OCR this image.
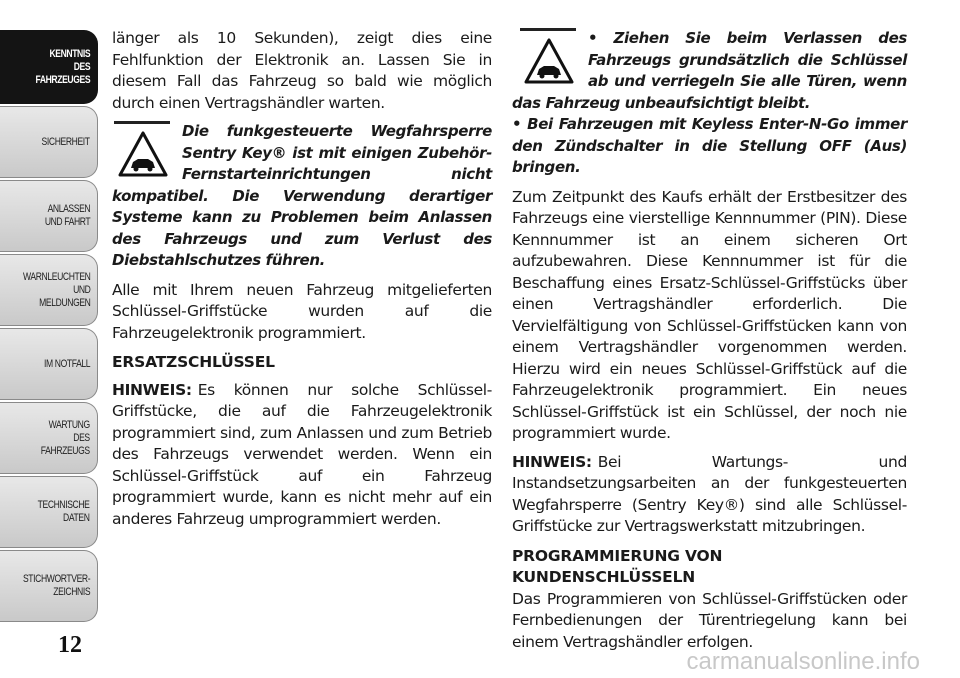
KENNTNIS
DES
FAHRZEUGES
SICHERHEIT
ANLASSEN
UND FAHRT
WARNLEUCHTEN
UND
MELDUNGEN
IM NOTFALL
WARTUNG
DES
FAHRZEUGS
TECHNISCHE
DATEN
STICHWORTVER-
ZEICHNIS
12

länger als 10 Sekunden), zeigt dies eine Fehlfunktion der Elektronik an. Lassen Sie in diesem Fall das Fahrzeug so bald wie möglich durch einen Vertragshändler warten.

Die funkgesteuerte Wegfahrsperre Sentry Key® ist mit einigen Zubehör-Fernstarteinrichtungen nicht kompatibel. Die Verwendung derartiger Systeme kann zu Problemen beim Anlassen des Fahrzeugs und zum Verlust des Diebstahlschutzes führen.

Alle mit Ihrem neuen Fahrzeug mitgelieferten Schlüssel-Griffstücke wurden auf die Fahrzeugelektronik programmiert.

ERSATZSCHLÜSSEL

HINWEIS: Es können nur solche Schlüssel-Griffstücke, die auf die Fahrzeugelektronik programmiert sind, zum Anlassen und zum Betrieb des Fahrzeugs verwendet werden. Wenn ein Schlüssel-Griffstück auf ein Fahrzeug programmiert wurde, kann es nicht mehr auf ein anderes Fahrzeug umprogrammiert werden.

• Ziehen Sie beim Verlassen des Fahrzeugs grundsätzlich die Schlüssel ab und verriegeln Sie alle Türen, wenn das Fahrzeug unbeaufsichtigt bleibt.
• Bei Fahrzeugen mit Keyless Enter-N-Go immer den Zündschalter in die Stellung OFF (Aus) bringen.

Zum Zeitpunkt des Kaufs erhält der Erstbesitzer des Fahrzeugs eine vierstellige Kennnummer (PIN). Diese Kennnummer ist an einem sicheren Ort aufzubewahren. Diese Kennnummer ist für die Beschaffung eines Ersatz-Schlüssel-Griffstücks über einen Vertragshändler erforderlich. Die Vervielfältigung von Schlüssel-Griffstücken kann von einem Vertragshändler vorgenommen werden. Hierzu wird ein neues Schlüssel-Griffstück auf die Fahrzeugelektronik programmiert. Ein neues Schlüssel-Griffstück ist ein Schlüssel, der noch nie programmiert wurde.

HINWEIS: Bei Wartungs- und Instandsetzungsarbeiten an der funkgesteuerten Wegfahrsperre (Sentry Key®) sind alle Schlüssel-Griffstücke zur Vertragswerkstatt mitzubringen.

PROGRAMMIERUNG VON
KUNDENSCHLÜSSELN

Das Programmieren von Schlüssel-Griffstücken oder Fernbedienungen der Türentriegelung kann bei einem Vertragshändler erfolgen.

carmanualsonline.info
